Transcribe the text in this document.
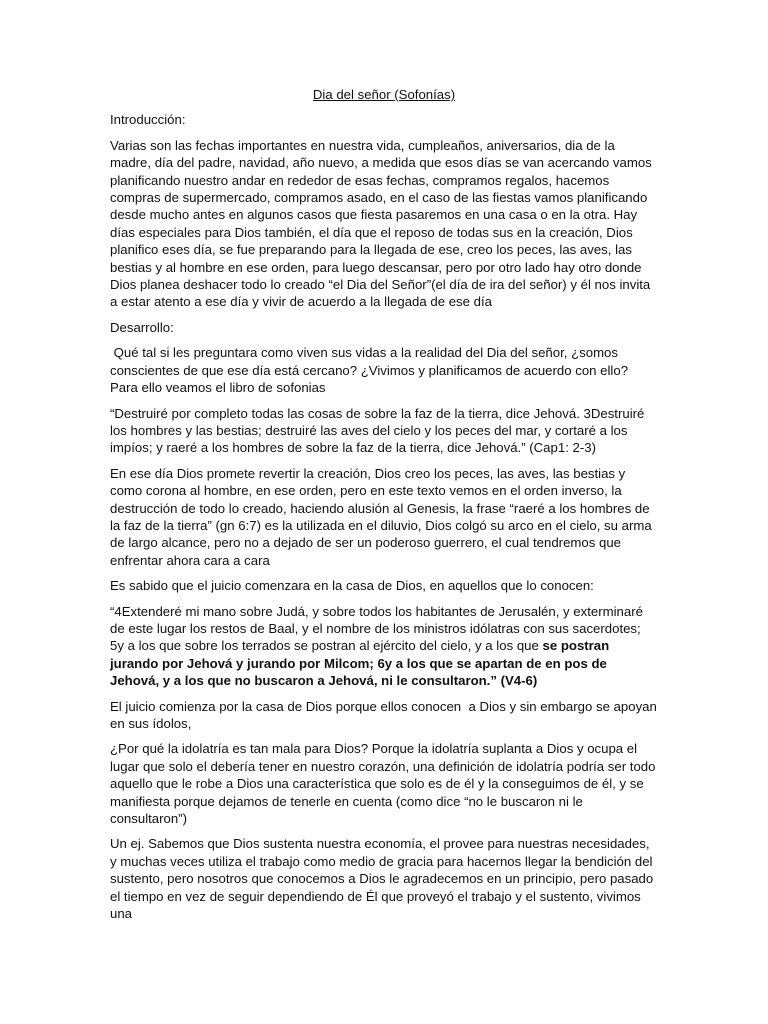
Dia del señor (Sofonías)

Introducción:

Varias son las fechas importantes en nuestra vida, cumpleaños, aniversarios, dia de la madre, día del padre, navidad, año nuevo, a medida que esos días se van acercando vamos planificando nuestro andar en rededor de esas fechas, compramos regalos, hacemos compras de supermercado, compramos asado, en el caso de las fiestas vamos planificando desde mucho antes en algunos casos que fiesta pasaremos en una casa o en la otra. Hay días especiales para Dios también, el día que el reposo de todas sus en la creación, Dios planifico eses día, se fue preparando para la llegada de ese, creo los peces, las aves, las bestias y al hombre en ese orden, para luego descansar, pero por otro lado hay otro donde Dios planea deshacer todo lo creado “el Dia del Señor”(el día de ira del señor) y él nos invita a estar atento a ese día y vivir de acuerdo a la llegada de ese día

Desarrollo:

Qué tal si les preguntara como viven sus vidas a la realidad del Dia del señor, ¿somos conscientes de que ese día está cercano? ¿Vivimos y planificamos de acuerdo con ello? Para ello veamos el libro de sofonias

“Destruiré por completo todas las cosas de sobre la faz de la tierra, dice Jehová. 3Destruiré los hombres y las bestias; destruiré las aves del cielo y los peces del mar, y cortaré a los impíos; y raeré a los hombres de sobre la faz de la tierra, dice Jehová.” (Cap1: 2-3)

En ese día Dios promete revertir la creación, Dios creo los peces, las aves, las bestias y como corona al hombre, en ese orden, pero en este texto vemos en el orden inverso, la destrucción de todo lo creado, haciendo alusión al Genesis, la frase “raeré a los hombres de la faz de la tierra” (gn 6:7) es la utilizada en el diluvio, Dios colgó su arco en el cielo, su arma de largo alcance, pero no a dejado de ser un poderoso guerrero, el cual tendremos que enfrentar ahora cara a cara

Es sabido que el juicio comenzara en la casa de Dios, en aquellos que lo conocen:

“4Extenderé mi mano sobre Judá, y sobre todos los habitantes de Jerusalén, y exterminaré de este lugar los restos de Baal, y el nombre de los ministros idólatras con sus sacerdotes; 5y a los que sobre los terrados se postran al ejército del cielo, y a los que se postran jurando por Jehová y jurando por Milcom; 6y a los que se apartan de en pos de Jehová, y a los que no buscaron a Jehová, ni le consultaron.” (V4-6)

El juicio comienza por la casa de Dios porque ellos conocen  a Dios y sin embargo se apoyan en sus ídolos,

¿Por qué la idolatría es tan mala para Dios? Porque la idolatría suplanta a Dios y ocupa el lugar que solo el debería tener en nuestro corazón, una definición de idolatría podría ser todo aquello que le robe a Dios una característica que solo es de él y la conseguimos de él, y se manifiesta porque dejamos de tenerle en cuenta (como dice “no le buscaron ni le consultaron”)

Un ej. Sabemos que Dios sustenta nuestra economía, el provee para nuestras necesidades, y muchas veces utiliza el trabajo como medio de gracia para hacernos llegar la bendición del sustento, pero nosotros que conocemos a Dios le agradecemos en un principio, pero pasado el tiempo en vez de seguir dependiendo de Él que proveyó el trabajo y el sustento, vivimos una
